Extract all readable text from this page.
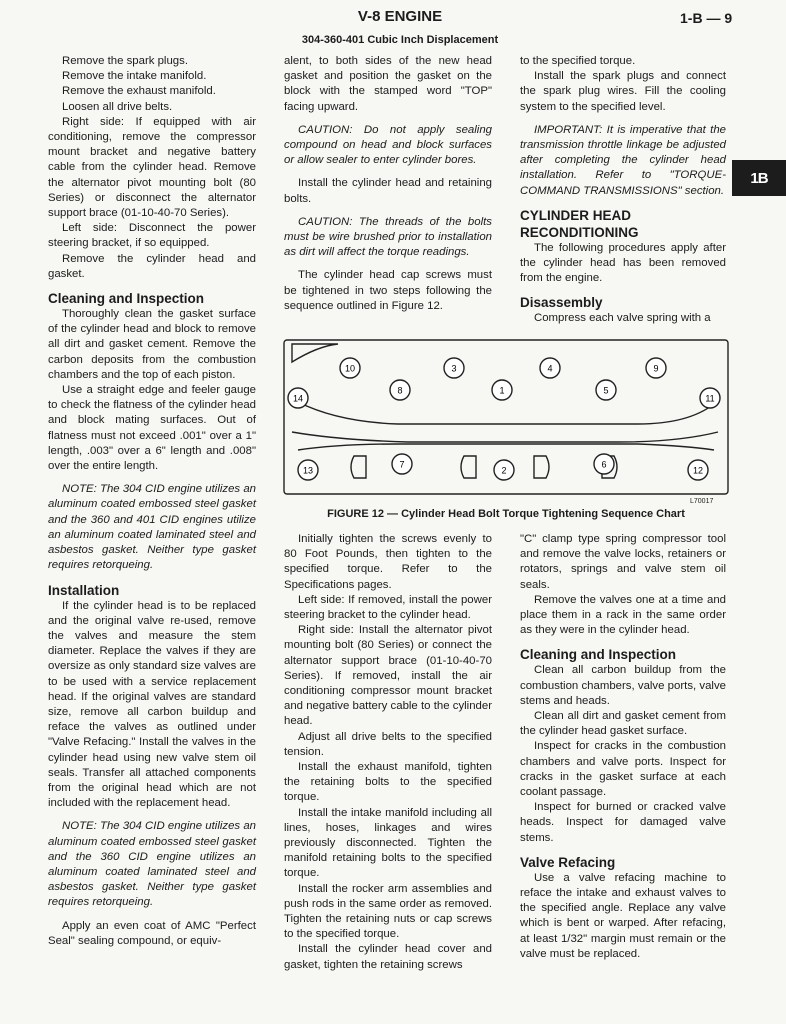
V-8 ENGINE
304-360-401 Cubic Inch Displacement
1-B — 9
1B

Remove the spark plugs.

Remove the intake manifold.

Remove the exhaust manifold.

Loosen all drive belts.

Right side: If equipped with air conditioning, remove the compressor mount bracket and negative battery cable from the cylinder head. Remove the alternator pivot mounting bolt (80 Series) or disconnect the alternator support brace (01-10-40-70 Series).

Left side: Disconnect the power steering bracket, if so equipped.

Remove the cylinder head and gasket.

Cleaning and Inspection

Thoroughly clean the gasket surface of the cylinder head and block to remove all dirt and gasket cement. Remove the carbon deposits from the combustion chambers and the top of each piston.

Use a straight edge and feeler gauge to check the flatness of the cylinder head and block mating surfaces. Out of flatness must not exceed .001" over a 1" length, .003" over a 6" length and .008" over the entire length.

NOTE: The 304 CID engine utilizes an aluminum coated embossed steel gasket and the 360 and 401 CID engines utilize an aluminum coated laminated steel and asbestos gasket. Neither type gasket requires retorqueing.

Installation

If the cylinder head is to be replaced and the original valve re-used, remove the valves and measure the stem diameter. Replace the valves if they are oversize as only standard size valves are to be used with a service replacement head. If the original valves are standard size, remove all carbon buildup and reface the valves as outlined under "Valve Refacing." Install the valves in the cylinder head using new valve stem oil seals. Transfer all attached components from the original head which are not included with the replacement head.

NOTE: The 304 CID engine utilizes an aluminum coated embossed steel gasket and the 360 CID engine utilizes an aluminum coated laminated steel and asbestos gasket. Neither type gasket requires retorqueing.

Apply an even coat of AMC "Perfect Seal" sealing compound, or equiv-

alent, to both sides of the new head gasket and position the gasket on the block with the stamped word "TOP" facing upward.

CAUTION: Do not apply sealing compound on head and block surfaces or allow sealer to enter cylinder bores.

Install the cylinder head and retaining bolts.

CAUTION: The threads of the bolts must be wire brushed prior to installation as dirt will affect the torque readings.

The cylinder head cap screws must be tightened in two steps following the sequence outlined in Figure 12.

to the specified torque.

Install the spark plugs and connect the spark plug wires. Fill the cooling system to the specified level.

IMPORTANT: It is imperative that the transmission throttle linkage be adjusted after completing the cylinder head installation. Refer to "TORQUE-COMMAND TRANSMISSIONS" section.

CYLINDER HEAD RECONDITIONING

The following procedures apply after the cylinder head has been removed from the engine.

Disassembly

Compress each valve spring with a

1
2
3	4
5
6
7
8
9
10
11
12
13
14
L70017
FIGURE 12 — Cylinder Head Bolt Torque Tightening Sequence Chart

Initially tighten the screws evenly to 80 Foot Pounds, then tighten to the specified torque. Refer to the Specifications pages.

Left side: If removed, install the power steering bracket to the cylinder head.

Right side: Install the alternator pivot mounting bolt (80 Series) or connect the alternator support brace (01-10-40-70 Series). If removed, install the air conditioning compressor mount bracket and negative battery cable to the cylinder head.

Adjust all drive belts to the specified tension.

Install the exhaust manifold, tighten the retaining bolts to the specified torque.

Install the intake manifold including all lines, hoses, linkages and wires previously disconnected. Tighten the manifold retaining bolts to the specified torque.

Install the rocker arm assemblies and push rods in the same order as removed. Tighten the retaining nuts or cap screws to the specified torque.

Install the cylinder head cover and gasket, tighten the retaining screws

"C" clamp type spring compressor tool and remove the valve locks, retainers or rotators, springs and valve stem oil seals.

Remove the valves one at a time and place them in a rack in the same order as they were in the cylinder head.

Cleaning and Inspection

Clean all carbon buildup from the combustion chambers, valve ports, valve stems and heads.

Clean all dirt and gasket cement from the cylinder head gasket surface.

Inspect for cracks in the combustion chambers and valve ports. Inspect for cracks in the gasket surface at each coolant passage.

Inspect for burned or cracked valve heads. Inspect for damaged valve stems.

Valve Refacing

Use a valve refacing machine to reface the intake and exhaust valves to the specified angle. Replace any valve which is bent or warped. After refacing, at least 1/32" margin must remain or the valve must be replaced.
